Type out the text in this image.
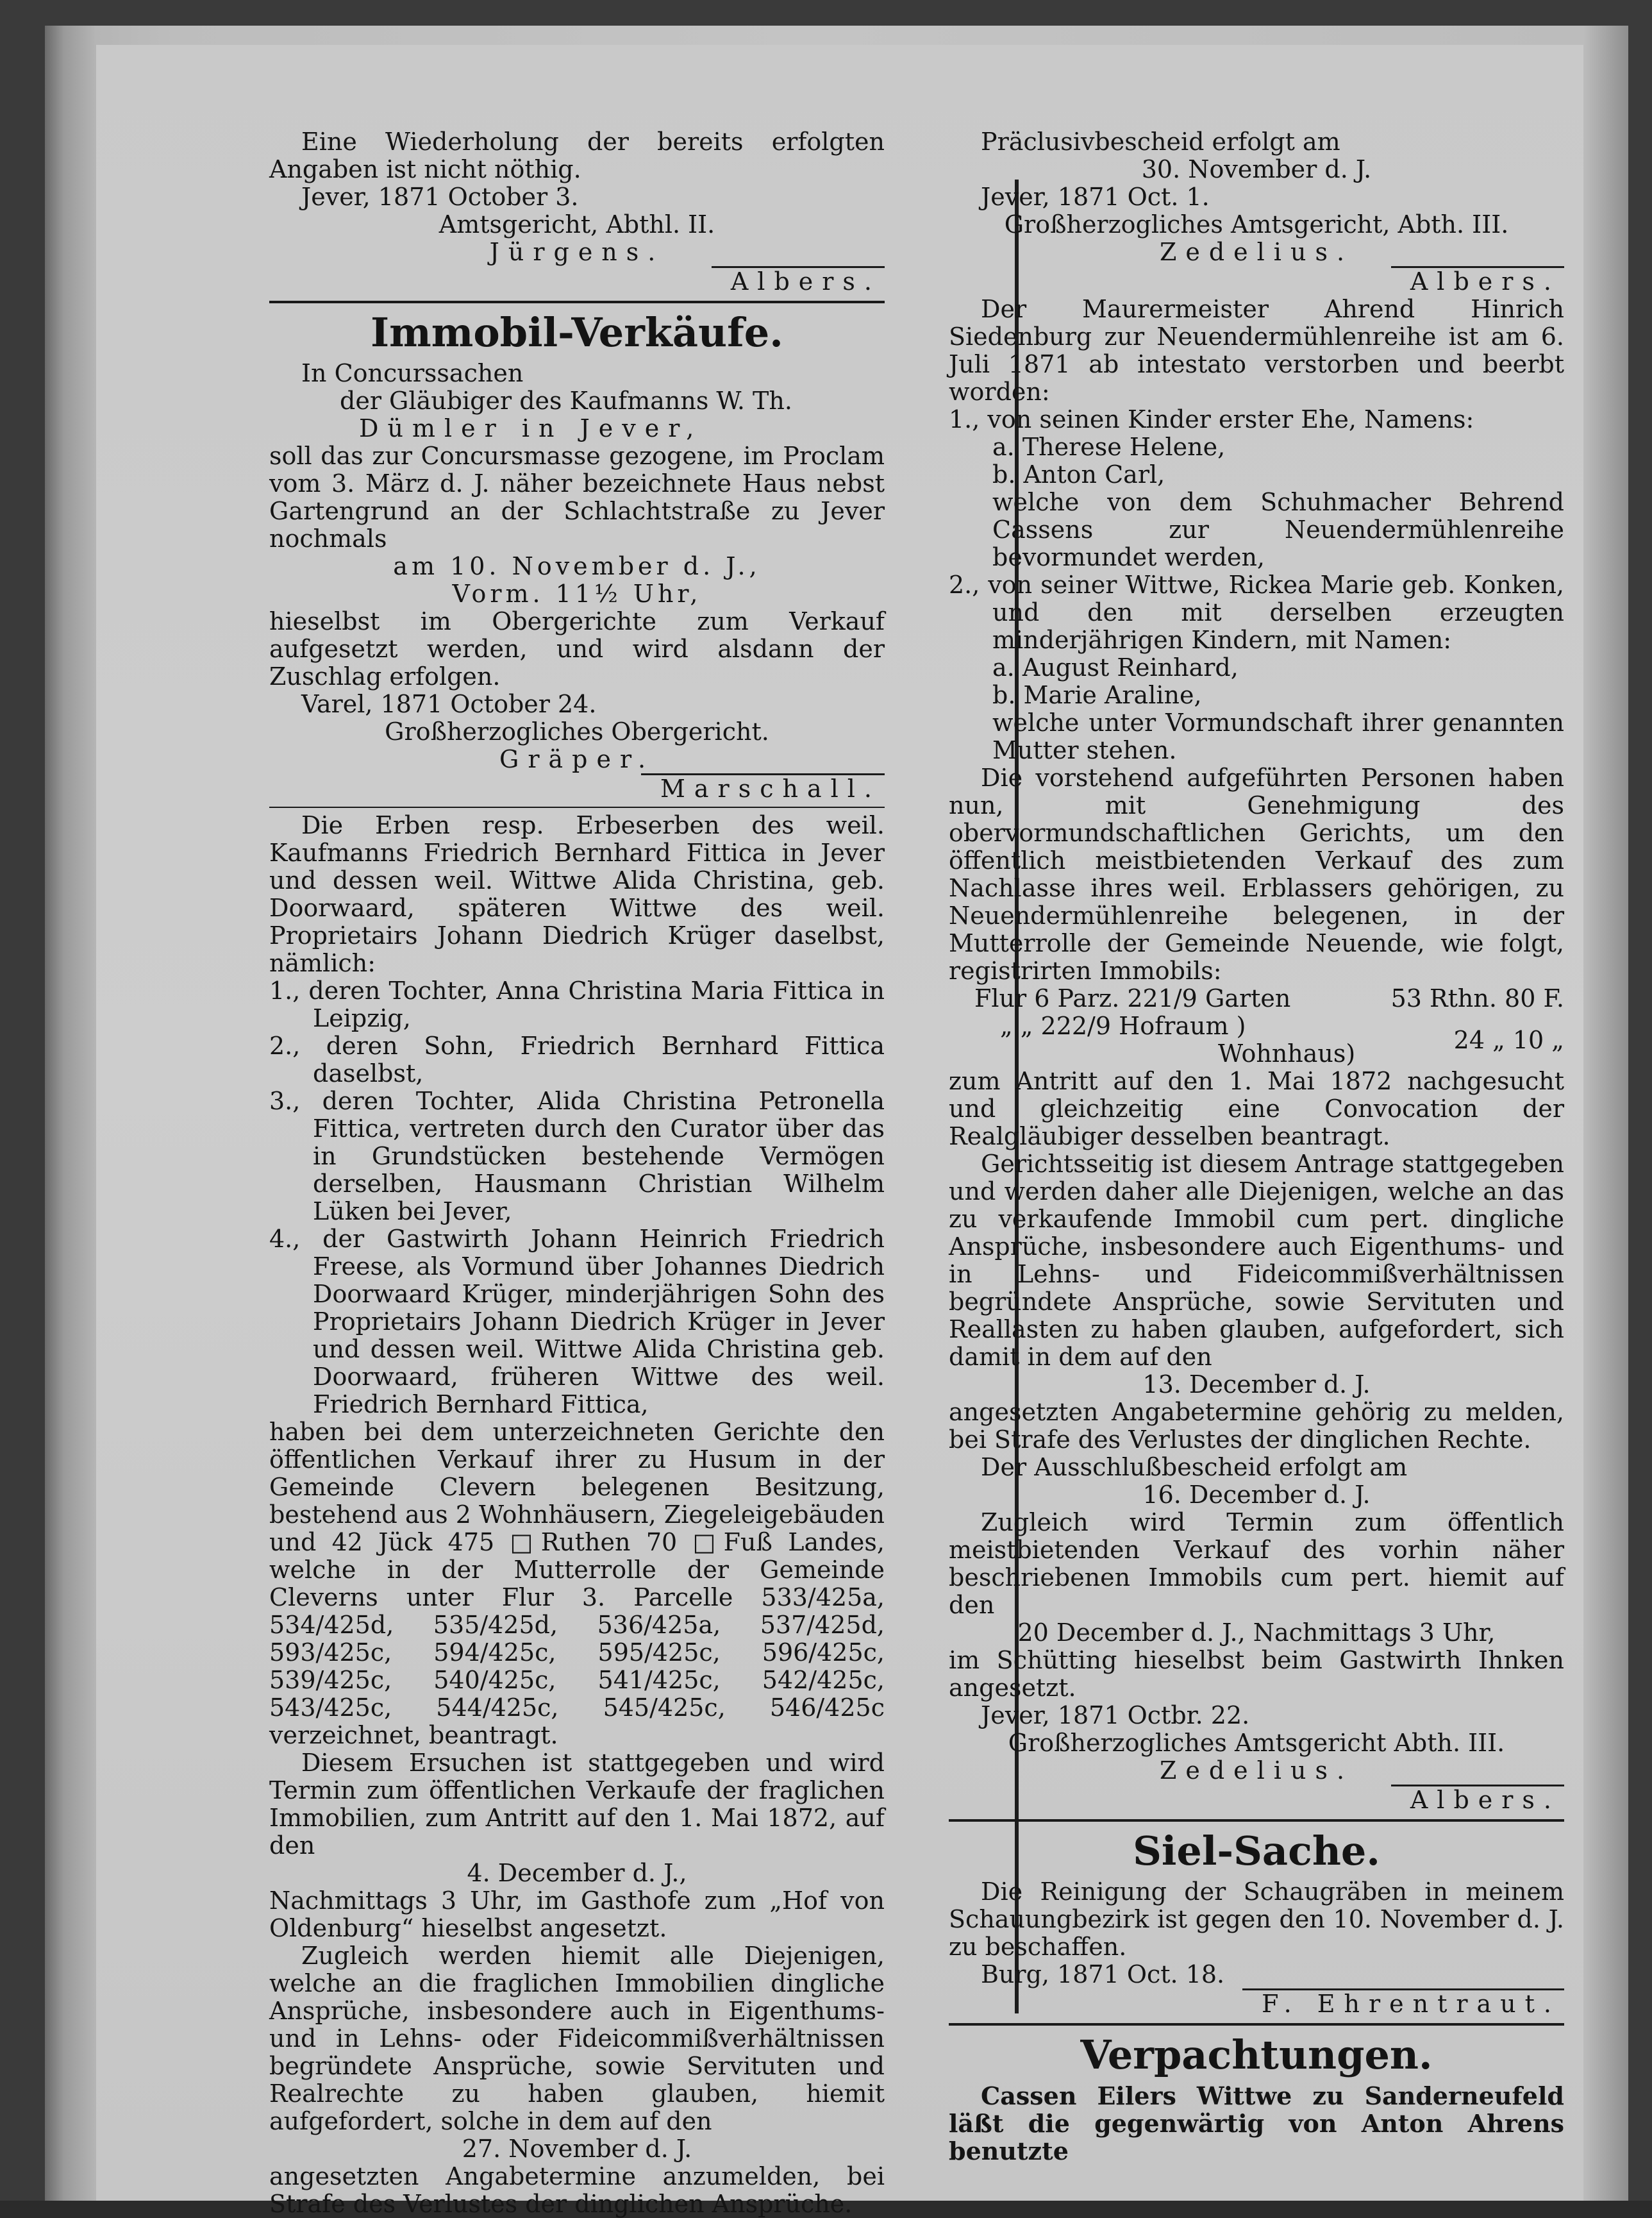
Eine Wiederholung der bereits erfolgten Angaben ist nicht nöthig.

Jever, 1871 October 3.

Amtsgericht, Abthl. II.

Jürgens.

Albers.
Immobil-Verkäufe.

In Concurssachen

der Gläubiger des Kaufmanns W. Th.

Dümler in Jever,

soll das zur Concursmasse gezogene, im Proclam vom 3. März d. J. näher bezeichnete Haus nebst Gartengrund an der Schlachtstraße zu Jever nochmals

am 10. November d. J.,

Vorm. 11½ Uhr,

hieselbst im Obergerichte zum Verkauf aufgesetzt werden, und wird alsdann der Zuschlag erfolgen.

Varel, 1871 October 24.

Großherzogliches Obergericht.

Gräper.

Marschall.

Die Erben resp. Erbeserben des weil. Kaufmanns Friedrich Bernhard Fittica in Jever und dessen weil. Wittwe Alida Christina, geb. Doorwaard, späteren Wittwe des weil. Proprietairs Johann Diedrich Krüger daselbst, nämlich:

1., deren Tochter, Anna Christina Maria Fittica in Leipzig,

2., deren Sohn, Friedrich Bernhard Fittica daselbst,

3., deren Tochter, Alida Christina Petronella Fittica, vertreten durch den Curator über das in Grundstücken bestehende Vermögen derselben, Hausmann Christian Wilhelm Lüken bei Jever,

4., der Gastwirth Johann Heinrich Friedrich Freese, als Vormund über Johannes Diedrich Doorwaard Krüger, minderjährigen Sohn des Proprietairs Johann Diedrich Krüger in Jever und dessen weil. Wittwe Alida Christina geb. Doorwaard, früheren Wittwe des weil. Friedrich Bernhard Fittica,

haben bei dem unterzeichneten Gerichte den öffentlichen Verkauf ihrer zu Husum in der Gemeinde Clevern belegenen Besitzung, bestehend aus 2 Wohnhäusern, Ziegeleigebäuden und 42 Jück 475 □Ruthen 70 □Fuß Landes, welche in der Mutterrolle der Gemeinde Cleverns unter Flur 3. Parcelle 533/425a, 534/425d, 535/425d, 536/425a, 537/425d, 593/425c, 594/425c, 595/425c, 596/425c, 539/425c, 540/425c, 541/425c, 542/425c, 543/425c, 544/425c, 545/425c, 546/425c verzeichnet, beantragt.

Diesem Ersuchen ist stattgegeben und wird Termin zum öffentlichen Verkaufe der fraglichen Immobilien, zum Antritt auf den 1. Mai 1872, auf den

4. December d. J.,

Nachmittags 3 Uhr, im Gasthofe zum „Hof von Oldenburg“ hieselbst angesetzt.

Zugleich werden hiemit alle Diejenigen, welche an die fraglichen Immobilien dingliche Ansprüche, insbesondere auch in Eigenthums- und in Lehns- oder Fideicommißverhältnissen begründete Ansprüche, sowie Servituten und Realrechte zu haben glauben, hiemit aufgefordert, solche in dem auf den

27. November d. J.

angesetzten Angabetermine anzumelden, bei Strafe des Verlustes der dinglichen Ansprüche.

Präclusivbescheid erfolgt am

30. November d. J.

Jever, 1871 Oct. 1.

Großherzogliches Amtsgericht, Abth. III.

Zedelius.

Albers.

Der Maurermeister Ahrend Hinrich Siedenburg zur Neuendermühlenreihe ist am 6. Juli 1871 ab intestato verstorben und beerbt worden:

1., von seinen Kinder erster Ehe, Namens:

a. Therese Helene,

b. Anton Carl,

welche von dem Schuhmacher Behrend Cassens zur Neuendermühlenreihe bevormundet werden,

2., von seiner Wittwe, Rickea Marie geb. Konken, und den mit derselben erzeugten minderjährigen Kindern, mit Namen:

a. August Reinhard,

b. Marie Araline,

welche unter Vormundschaft ihrer genannten Mutter stehen.

Die vorstehend aufgeführten Personen haben nun, mit Genehmigung des obervormundschaftlichen Gerichts, um den öffentlich meistbietenden Verkauf des zum Nachlasse ihres weil. Erblassers gehörigen, zu Neuendermühlenreihe belegenen, in der Mutterrolle der Gemeinde Neuende, wie folgt, registrirten Immobils:

Flur 6 Parz. 221/9 Garten	53 Rthn. 80 F.
„ „ 222/9 Hofraum )
Wohnhaus)	24 „ 10 „

zum Antritt auf den 1. Mai 1872 nachgesucht und gleichzeitig eine Convocation der Realgläubiger desselben beantragt.

Gerichtsseitig ist diesem Antrage stattgegeben und werden daher alle Diejenigen, welche an das zu verkaufende Immobil cum pert. dingliche Ansprüche, insbesondere auch Eigenthums- und in Lehns- und Fideicommißverhältnissen begründete Ansprüche, sowie Servituten und Reallasten zu haben glauben, aufgefordert, sich damit in dem auf den

13. December d. J.

angesetzten Angabetermine gehörig zu melden, bei Strafe des Verlustes der dinglichen Rechte.

Der Ausschlußbescheid erfolgt am

16. December d. J.

Zugleich wird Termin zum öffentlich meistbietenden Verkauf des vorhin näher beschriebenen Immobils cum pert. hiemit auf den

20 December d. J., Nachmittags 3 Uhr,

im Schütting hieselbst beim Gastwirth Ihnken angesetzt.

Jever, 1871 Octbr. 22.

Großherzogliches Amtsgericht Abth. III.

Zedelius.

Albers.
Siel-Sache.

Die Reinigung der Schaugräben in meinem Schauungbezirk ist gegen den 10. November d. J. zu beschaffen.

Burg, 1871 Oct. 18.

F. Ehrentraut.
Verpachtungen.

Cassen Eilers Wittwe zu Sanderneufeld läßt die gegenwärtig von Anton Ahrens benutzte
